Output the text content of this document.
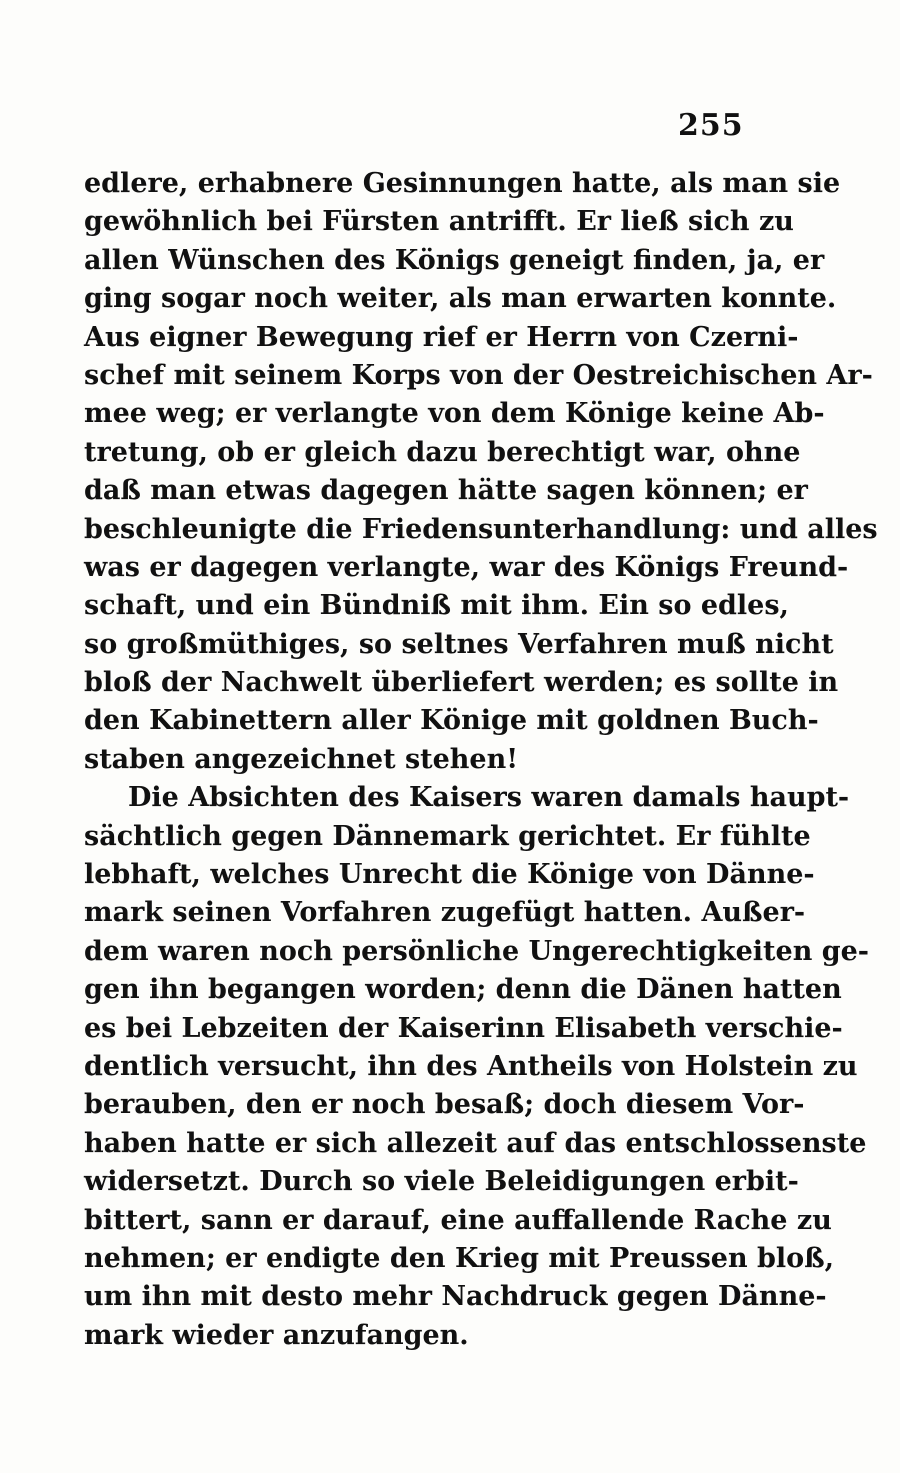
255
edlere, erhabnere Gesinnungen hatte, als man sie
gewöhnlich bei Fürsten antrifft. Er ließ sich zu
allen Wünschen des Königs geneigt finden, ja, er
ging sogar noch weiter, als man erwarten konnte.
Aus eigner Bewegung rief er Herrn von Czerni-
schef mit seinem Korps von der Oestreichischen Ar-
mee weg; er verlangte von dem Könige keine Ab-
tretung, ob er gleich dazu berechtigt war, ohne
daß man etwas dagegen hätte sagen können; er
beschleunigte die Friedensunterhandlung: und alles
was er dagegen verlangte, war des Königs Freund-
schaft, und ein Bündniß mit ihm. Ein so edles,
so großmüthiges, so seltnes Verfahren muß nicht
bloß der Nachwelt überliefert werden; es sollte in
den Kabinettern aller Könige mit goldnen Buch-
staben angezeichnet stehen!
Die Absichten des Kaisers waren damals haupt-
sächtlich gegen Dännemark gerichtet. Er fühlte
lebhaft, welches Unrecht die Könige von Dänne-
mark seinen Vorfahren zugefügt hatten. Außer-
dem waren noch persönliche Ungerechtigkeiten ge-
gen ihn begangen worden; denn die Dänen hatten
es bei Lebzeiten der Kaiserinn Elisabeth verschie-
dentlich versucht, ihn des Antheils von Holstein zu
berauben, den er noch besaß; doch diesem Vor-
haben hatte er sich allezeit auf das entschlossenste
widersetzt. Durch so viele Beleidigungen erbit-
bittert, sann er darauf, eine auffallende Rache zu
nehmen; er endigte den Krieg mit Preussen bloß,
um ihn mit desto mehr Nachdruck gegen Dänne-
mark wieder anzufangen.
